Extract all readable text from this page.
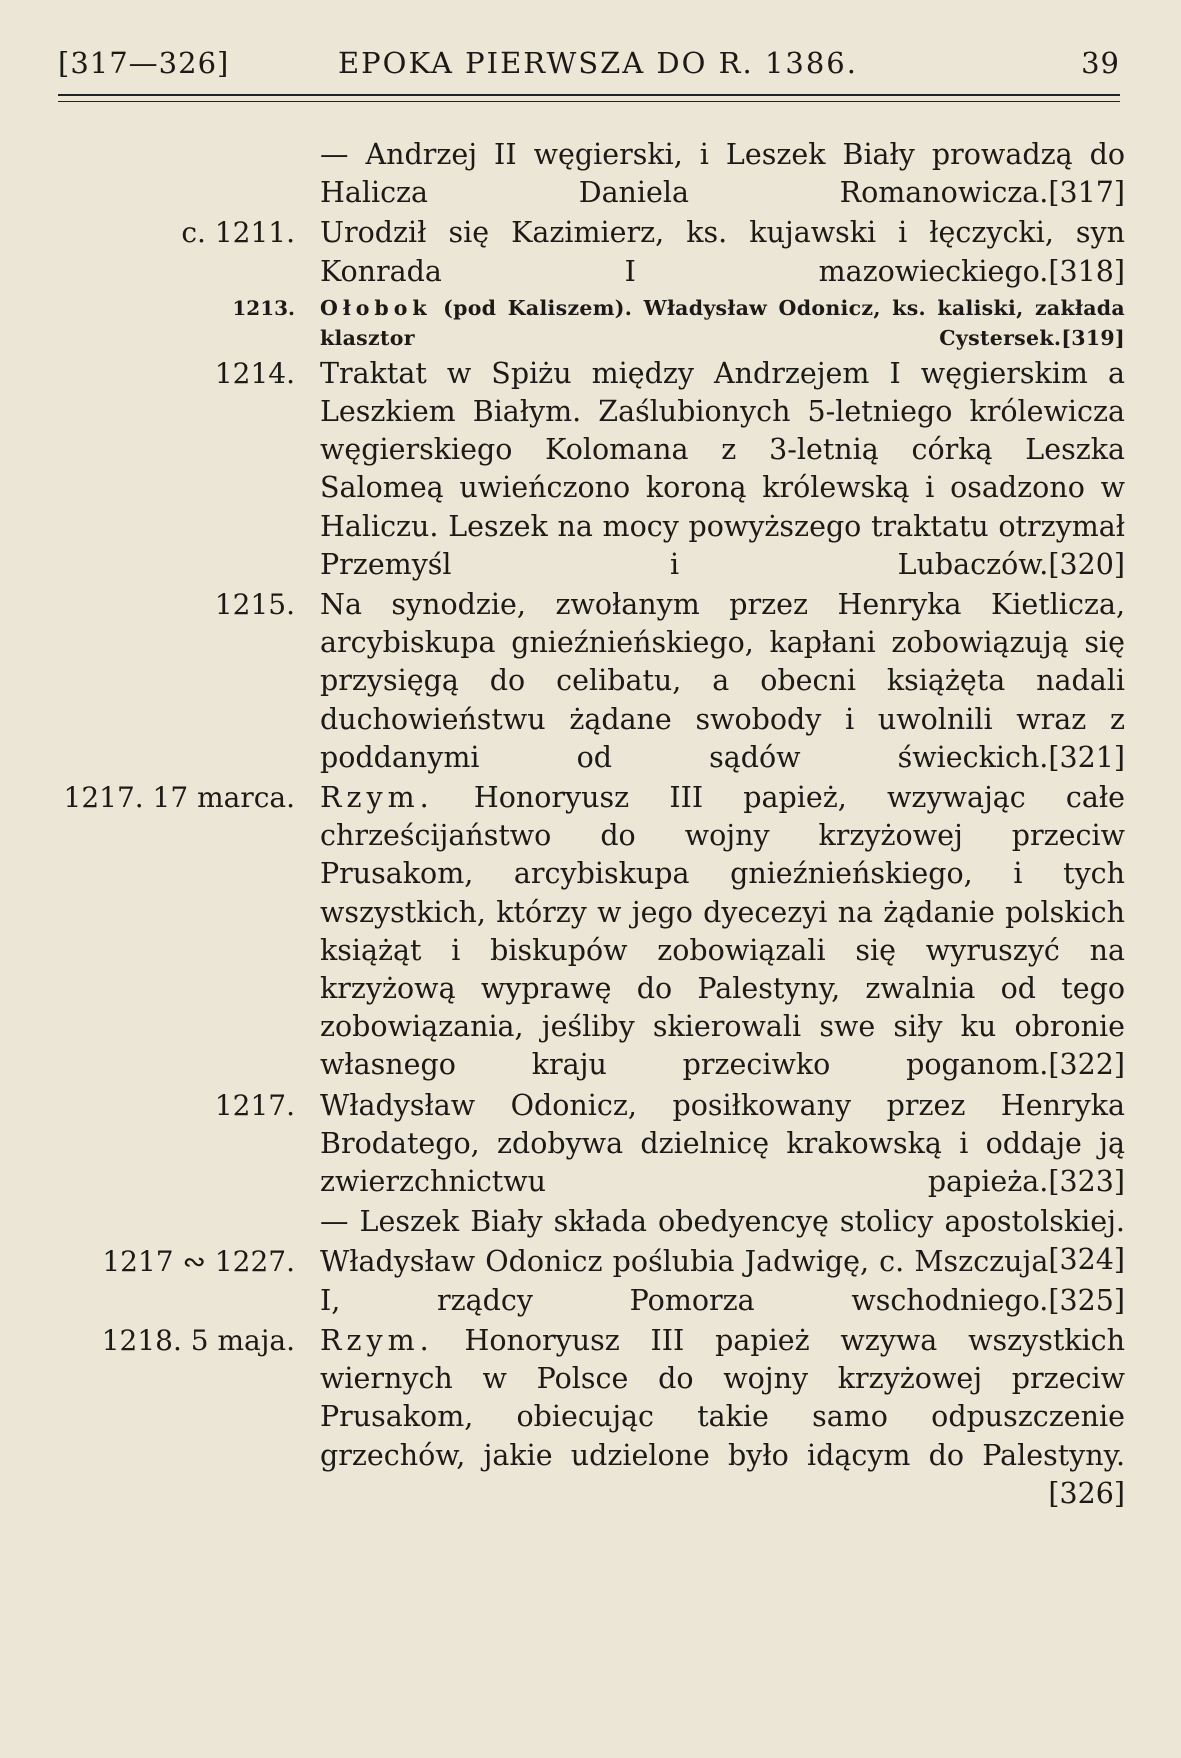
[317—326]	EPOKA PIERWSZA DO R. 1386.	39
— Andrzej II węgierski, i Leszek Biały prowadzą do Halicza Daniela Romanowicza. [317]
c. 1211. Urodził się Kazimierz, ks. kujawski i łęczycki, syn Konrada I mazowieckiego. [318]
1213. Ołobok (pod Kaliszem). Władysław Odonicz, ks. kaliski, zakłada klasztor Cystersek. [319]
1214. Traktat w Spiżu między Andrzejem I węgierskim a Leszkiem Białym. Zaślubionych 5-letniego królewicza węgierskiego Kolomana z 3-letnią córką Leszka Salomeą uwieńczono koroną królewską i osadzono w Haliczu. Leszek na mocy powyższego traktatu otrzymał Przemyśl i Lubaczów. [320]
1215. Na synodzie, zwołanym przez Henryka Kietlicza, arcybiskupa gnieźnieńskiego, kapłani zobowiązują się przysięgą do celibatu, a obecni książęta nadali duchowieństwu żądane swobody i uwolnili wraz z poddanymi od sądów świeckich. [321]
1217. 17 marca. Rzym. Honoryusz III papież, wzywając całe chrześcijaństwo do wojny krzyżowej przeciw Prusakom, arcybiskupa gnieźnieńskiego, i tych wszystkich, którzy w jego dyecezyi na żądanie polskich książąt i biskupów zobowiązali się wyruszyć na krzyżową wyprawę do Palestyny, zwalnia od tego zobowiązania, jeśliby skierowali swe siły ku obronie własnego kraju przeciwko poganom. [322]
1217. Władysław Odonicz, posiłkowany przez Henryka Brodatego, zdobywa dzielnicę krakowską i oddaje ją zwierzchnictwu papieża. [323]
— Leszek Biały składa obedyencyę stolicy apostolskiej.
[324]
1217 ∾ 1227. Władysław Odonicz poślubia Jadwigę, c. Mszczuja I, rządcy Pomorza wschodniego. [325]
1218. 5 maja. Rzym. Honoryusz III papież wzywa wszystkich wiernych w Polsce do wojny krzyżowej przeciw Prusakom, obiecując takie samo odpuszczenie grzechów, jakie udzielone było idącym do Palestyny.
[326]
